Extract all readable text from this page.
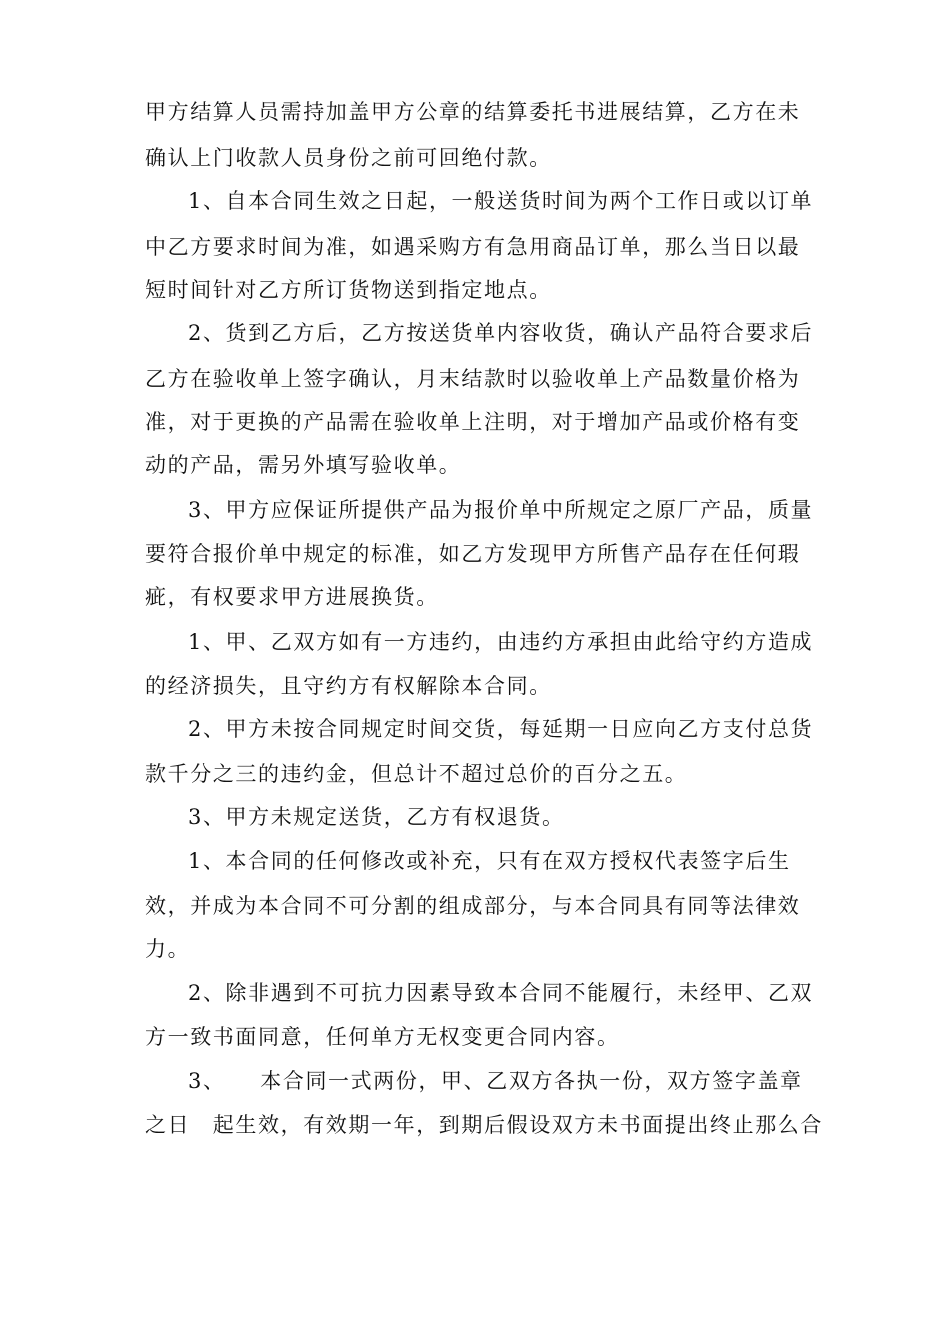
甲方结算人员需持加盖甲方公章的结算委托书进展结算，乙方在未
确认上门收款人员身份之前可回绝付款。
1、自本合同生效之日起，一般送货时间为两个工作日或以订单
中乙方要求时间为准，如遇采购方有急用商品订单，那么当日以最
短时间针对乙方所订货物送到指定地点。
2、货到乙方后，乙方按送货单内容收货，确认产品符合要求后
乙方在验收单上签字确认，月末结款时以验收单上产品数量价格为
准，对于更换的产品需在验收单上注明，对于增加产品或价格有变
动的产品，需另外填写验收单。
3、甲方应保证所提供产品为报价单中所规定之原厂产品，质量
要符合报价单中规定的标准，如乙方发现甲方所售产品存在任何瑕
疵，有权要求甲方进展换货。
1、甲、乙双方如有一方违约，由违约方承担由此给守约方造成
的经济损失，且守约方有权解除本合同。
2、甲方未按合同规定时间交货，每延期一日应向乙方支付总货
款千分之三的违约金，但总计不超过总价的百分之五。
3、甲方未规定送货，乙方有权退货。
1、本合同的任何修改或补充，只有在双方授权代表签字后生
效，并成为本合同不可分割的组成部分，与本合同具有同等法律效
力。
2、除非遇到不可抗力因素导致本合同不能履行，未经甲、乙双
方一致书面同意，任何单方无权变更合同内容。
3、　　本合同一式两份，甲、乙双方各执一份，双方签字盖章
之日　起生效，有效期一年，到期后假设双方未书面提出终止那么合
